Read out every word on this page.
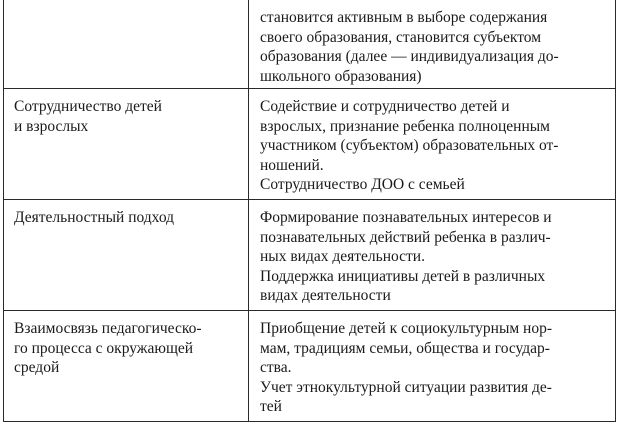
	становится активным в выборе содержания
своего образования, становится субъектом
образования (далее — индивидуализация до-
школьного образования)

Сотрудничество детей
и взрослых	Содействие и сотрудничество детей и
взрослых, признание ребенка полноценным
участником (субъектом) образовательных от-
ношений.
Сотрудничество ДОО с семьей

Деятельностный подход	Формирование познавательных интересов и
познавательных действий ребенка в различ-
ных видах деятельности.
Поддержка инициативы детей в различных
видах деятельности

Взаимосвязь педагогическо-
го процесса с окружающей
средой	Приобщение детей к социокультурным нор-
мам, традициям семьи, общества и государ-
ства.
Учет этнокультурной ситуации развития де-
тей
